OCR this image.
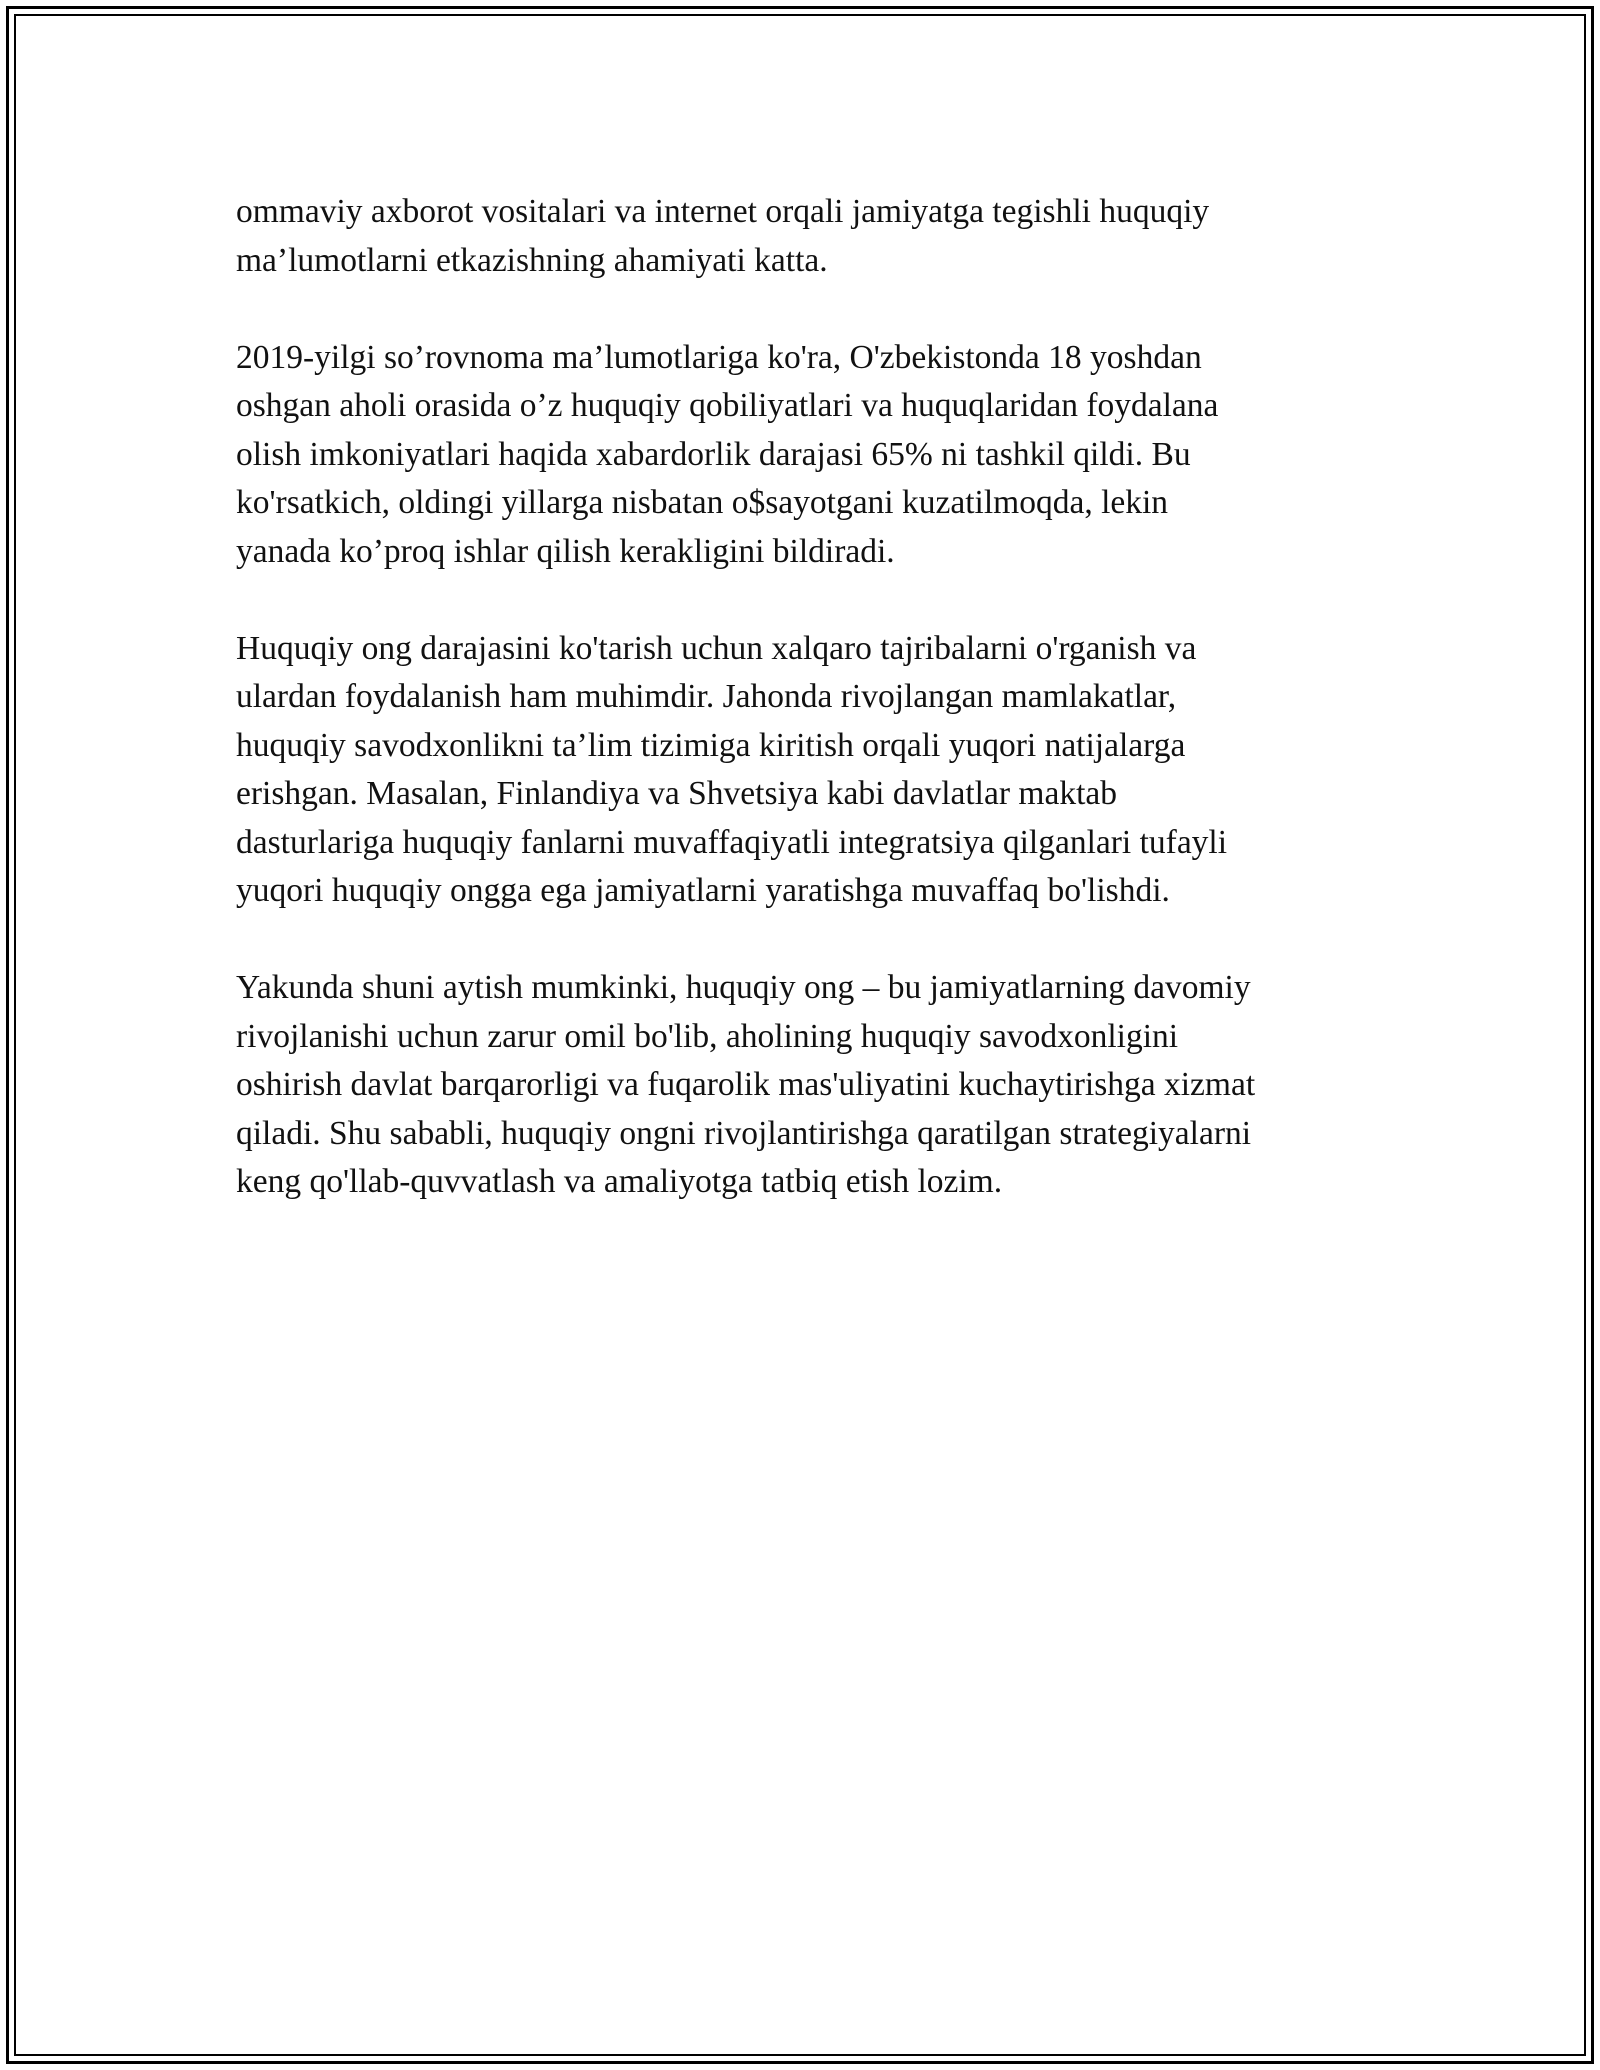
ommaviy axborot vositalari va internet orqali jamiyatga tegishli huquqiy
ma’lumotlarni etkazishning ahamiyati katta.

2019-yilgi so’rovnoma ma’lumotlariga ko'ra, O'zbekistonda 18 yoshdan
oshgan aholi orasida o’z huquqiy qobiliyatlari va huquqlaridan foydalana
olish imkoniyatlari haqida xabardorlik darajasi 65% ni tashkil qildi. Bu
ko'rsatkich, oldingi yillarga nisbatan o$sayotgani kuzatilmoqda, lekin
yanada ko’proq ishlar qilish kerakligini bildiradi.

Huquqiy ong darajasini ko'tarish uchun xalqaro tajribalarni o'rganish va
ulardan foydalanish ham muhimdir. Jahonda rivojlangan mamlakatlar,
huquqiy savodxonlikni ta’lim tizimiga kiritish orqali yuqori natijalarga
erishgan. Masalan, Finlandiya va Shvetsiya kabi davlatlar maktab
dasturlariga huquqiy fanlarni muvaffaqiyatli integratsiya qilganlari tufayli
yuqori huquqiy ongga ega jamiyatlarni yaratishga muvaffaq bo'lishdi.

Yakunda shuni aytish mumkinki, huquqiy ong – bu jamiyatlarning davomiy
rivojlanishi uchun zarur omil bo'lib, aholining huquqiy savodxonligini
oshirish davlat barqarorligi va fuqarolik mas'uliyatini kuchaytirishga xizmat
qiladi. Shu sababli, huquqiy ongni rivojlantirishga qaratilgan strategiyalarni
keng qo'llab-quvvatlash va amaliyotga tatbiq etish lozim.
